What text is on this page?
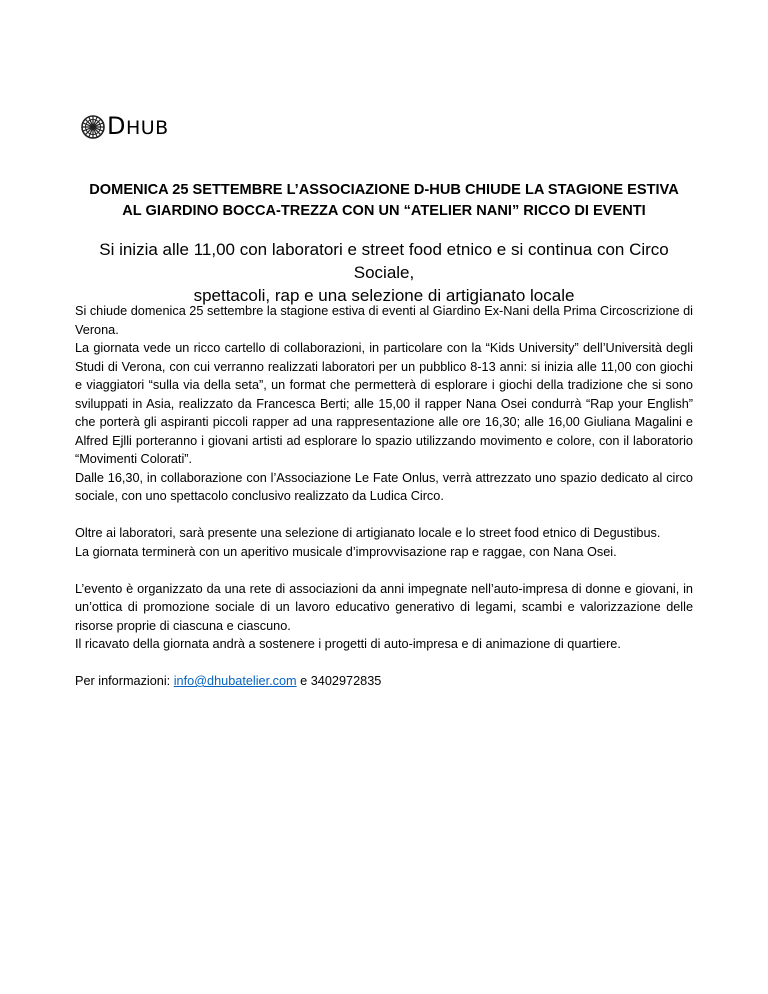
DHUB
DOMENICA 25 SETTEMBRE L’ASSOCIAZIONE D-HUB CHIUDE LA STAGIONE ESTIVA
AL GIARDINO BOCCA-TREZZA CON UN “ATELIER NANI” RICCO DI EVENTI
Si inizia alle 11,00 con laboratori e street food etnico e si continua con Circo Sociale,
spettacoli, rap e una selezione di artigianato locale

Si chiude domenica 25 settembre la stagione estiva di eventi al Giardino Ex-Nani della Prima Circoscrizione di Verona.

La giornata vede un ricco cartello di collaborazioni, in particolare con la “Kids University” dell’Università degli Studi di Verona, con cui verranno realizzati laboratori per un pubblico 8-13 anni: si inizia alle 11,00 con giochi e viaggiatori “sulla via della seta”, un format che permetterà di esplorare i giochi della tradizione che si sono sviluppati in Asia, realizzato da Francesca Berti; alle 15,00 il rapper Nana Osei condurrà “Rap your English” che porterà gli aspiranti piccoli rapper ad una rappresentazione alle ore 16,30; alle 16,00 Giuliana Magalini e Alfred Ejlli porteranno i giovani artisti ad esplorare lo spazio utilizzando movimento e colore, con il laboratorio “Movimenti Colorati”.

Dalle 16,30, in collaborazione con l’Associazione Le Fate Onlus, verrà attrezzato uno spazio dedicato al circo sociale, con uno spettacolo conclusivo realizzato da Ludica Circo.

Oltre ai laboratori, sarà presente una selezione di artigianato locale e lo street food etnico di Degustibus.

La giornata terminerà con un aperitivo musicale d’improvvisazione rap e raggae, con Nana Osei.

L’evento è organizzato da una rete di associazioni da anni impegnate nell’auto-impresa di donne e giovani, in un’ottica di promozione sociale di un lavoro educativo generativo di legami, scambi e valorizzazione delle risorse proprie di ciascuna e ciascuno.

Il ricavato della giornata andrà a sostenere i progetti di auto-impresa e di animazione di quartiere.

Per informazioni: info@dhubatelier.com e 3402972835
